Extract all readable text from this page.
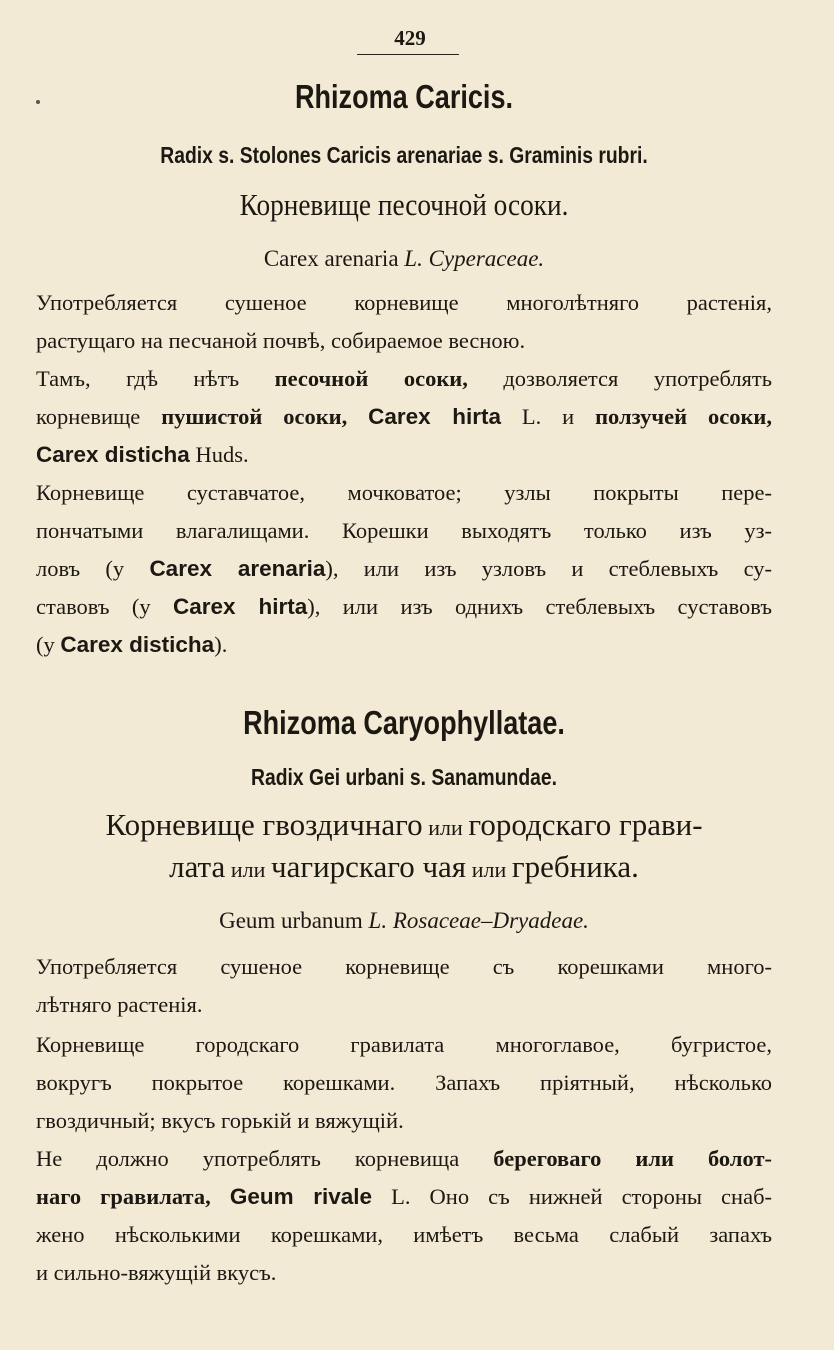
429
Rhizoma Caricis.
Radix s. Stolones Caricis arenariae s. Graminis rubri.
Корневище песочной осоки.
Carex arenaria L. Cyperaceae.
Употребляется сушеное корневище многолѣтняго растенія,
растущаго на песчаной почвѣ, собираемое весною.
Тамъ, гдѣ нѣтъ песочной осоки, дозволяется употреблять
корневище пушистой осоки, Carex hirta L. и ползучей осоки,
Carex disticha Huds.
Корневище суставчатое, мочковатое; узлы покрыты пере-
пончатыми влагалищами. Корешки выходятъ только изъ уз-
ловъ (у Carex arenaria), или изъ узловъ и стеблевыхъ су-
ставовъ (у Carex hirta), или изъ однихъ стеблевыхъ суставовъ
(у Carex disticha).
Rhizoma Caryophyllatae.
Radix Gei urbani s. Sanamundae.
Корневище гвоздичнаго или городскаго грави-
лата или чагирскаго чая или гребника.
Geum urbanum L. Rosaceae–Dryadeae.
Употребляется сушеное корневище съ корешками много-
лѣтняго растенія.
Корневище городскаго гравилата многоглавое, бугристое,
вокругъ покрытое корешками. Запахъ пріятный, нѣсколько
гвоздичный; вкусъ горькій и вяжущій.
Не должно употреблять корневища береговаго или болот-
наго гравилата, Geum rivale L. Оно съ нижней стороны снаб-
жено нѣсколькими корешками, имѣетъ весьма слабый запахъ
и сильно-вяжущій вкусъ.
